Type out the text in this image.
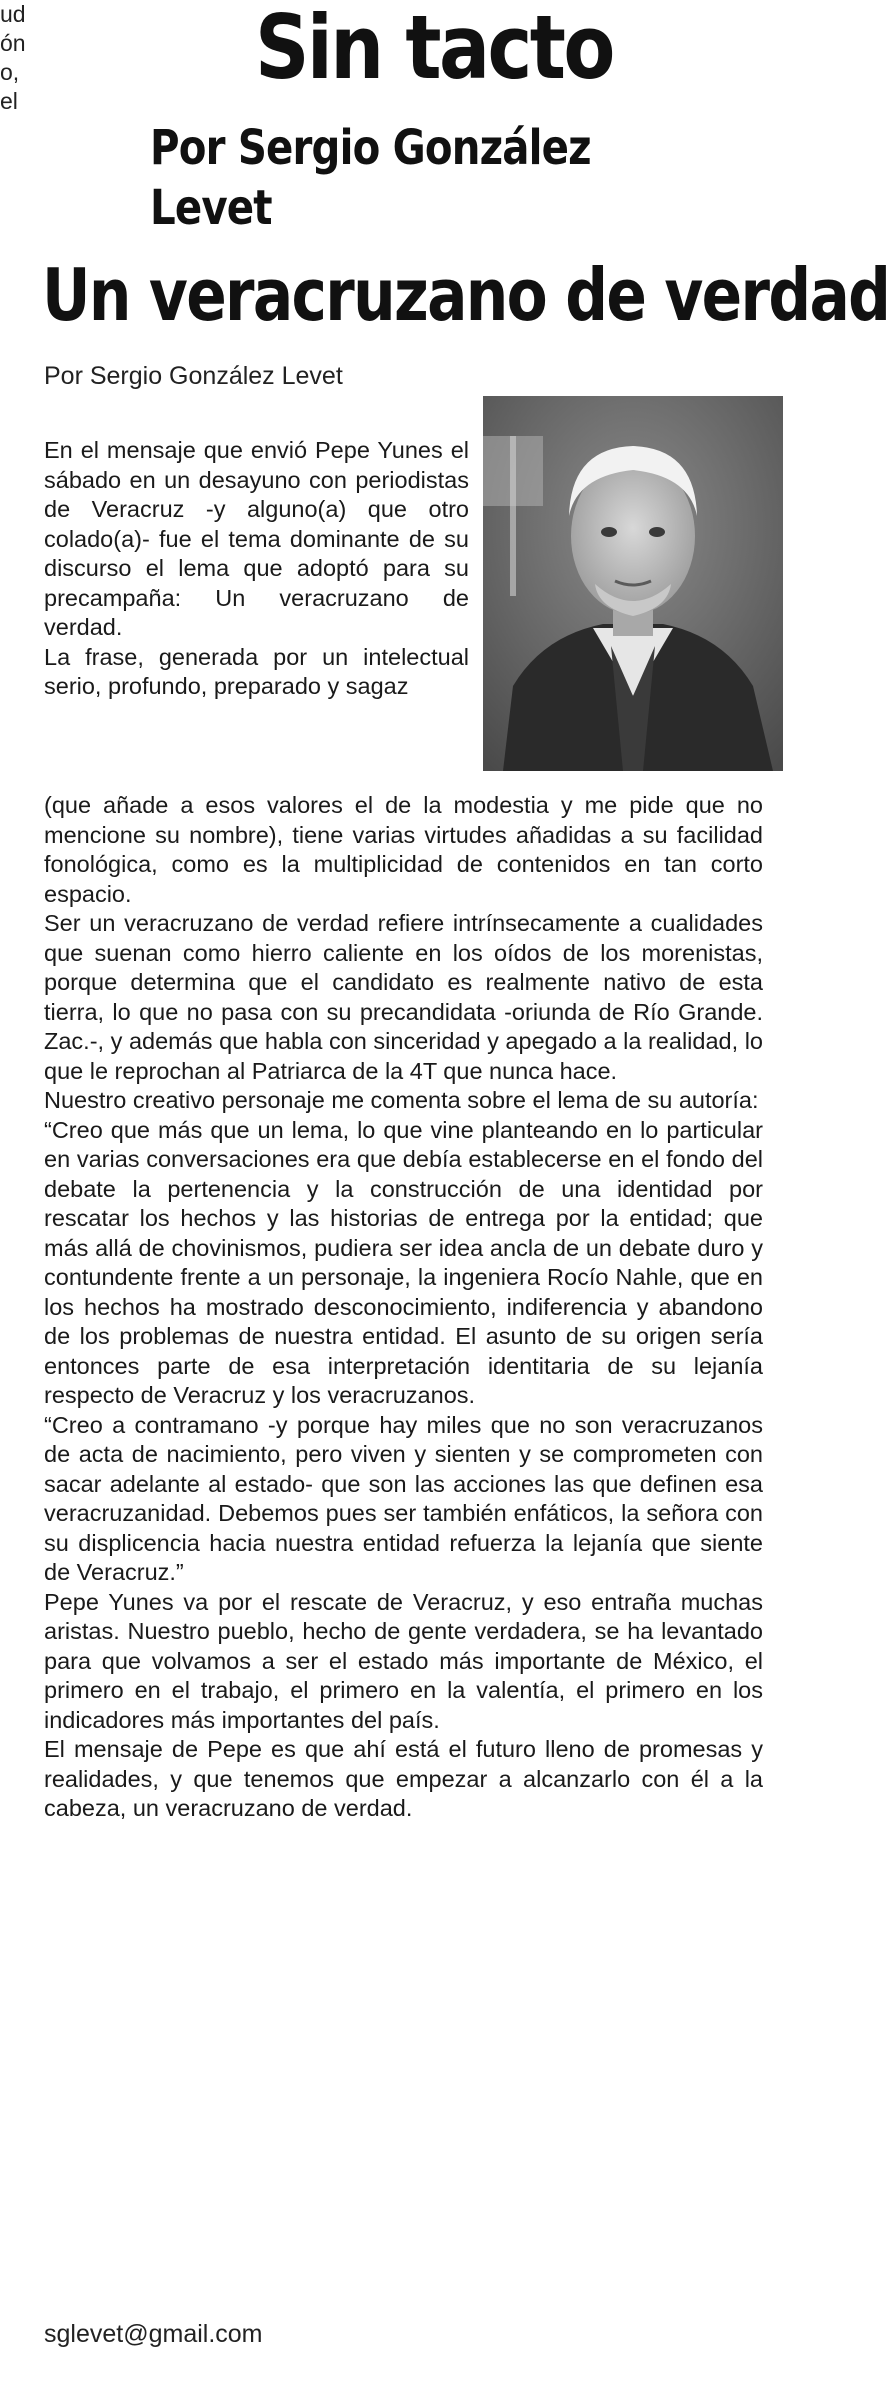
ud
ón
o,
el
Sin tacto
Por Sergio González Levet
Un veracruzano de verdad

Por Sergio González Levet

En el mensaje que envió Pepe Yunes el sábado en un desayuno con periodistas de Veracruz -y alguno(a) que otro colado(a)- fue el tema dominante de su discurso el lema que adoptó para su precampaña: Un veracruzano de verdad.

La frase, generada por un intelectual serio, profundo, preparado y sagaz

(que añade a esos valores el de la modestia y me pide que no mencione su nombre), tiene varias virtudes añadidas a su facilidad fonológica, como es la multiplicidad de contenidos en tan corto espacio.

Ser un veracruzano de verdad refiere intrínsecamente a cualidades que suenan como hierro caliente en los oídos de los morenistas, porque determina que el candidato es realmente nativo de esta tierra, lo que no pasa con su precandidata -oriunda de Río Grande. Zac.-, y además que habla con sinceridad y apegado a la realidad, lo que le reprochan al Patriarca de la 4T que nunca hace.

Nuestro creativo personaje me comenta sobre el lema de su autoría:

“Creo que más que un lema, lo que vine planteando en lo particular en varias conversaciones era que debía establecerse en el fondo del debate la pertenencia y la construcción de una identidad por rescatar los hechos y las historias de entrega por la entidad; que más allá de chovinismos, pudiera ser idea ancla de un debate duro y contundente frente a un personaje, la ingeniera Rocío Nahle, que en los hechos ha mostrado desconocimiento, indiferencia y abandono de los problemas de nuestra entidad. El asunto de su origen sería entonces parte de esa interpretación identitaria de su lejanía respecto de Veracruz y los veracruzanos.

“Creo a contramano -y porque hay miles que no son veracruzanos de acta de nacimiento, pero viven y sienten y se comprometen con sacar adelante al estado- que son las acciones las que definen esa veracruzanidad. Debemos pues ser también enfáticos, la señora con su displicencia hacia nuestra entidad refuerza la lejanía que siente de Veracruz.”

Pepe Yunes va por el rescate de Veracruz, y eso entraña muchas aristas. Nuestro pueblo, hecho de gente verdadera, se ha levantado para que volvamos a ser el estado más importante de México, el primero en el trabajo, el primero en la valentía, el primero en los indicadores más importantes del país.

El mensaje de Pepe es que ahí está el futuro lleno de promesas y realidades, y que tenemos que empezar a alcanzarlo con él a la cabeza, un veracruzano de verdad.

sglevet@gmail.com
